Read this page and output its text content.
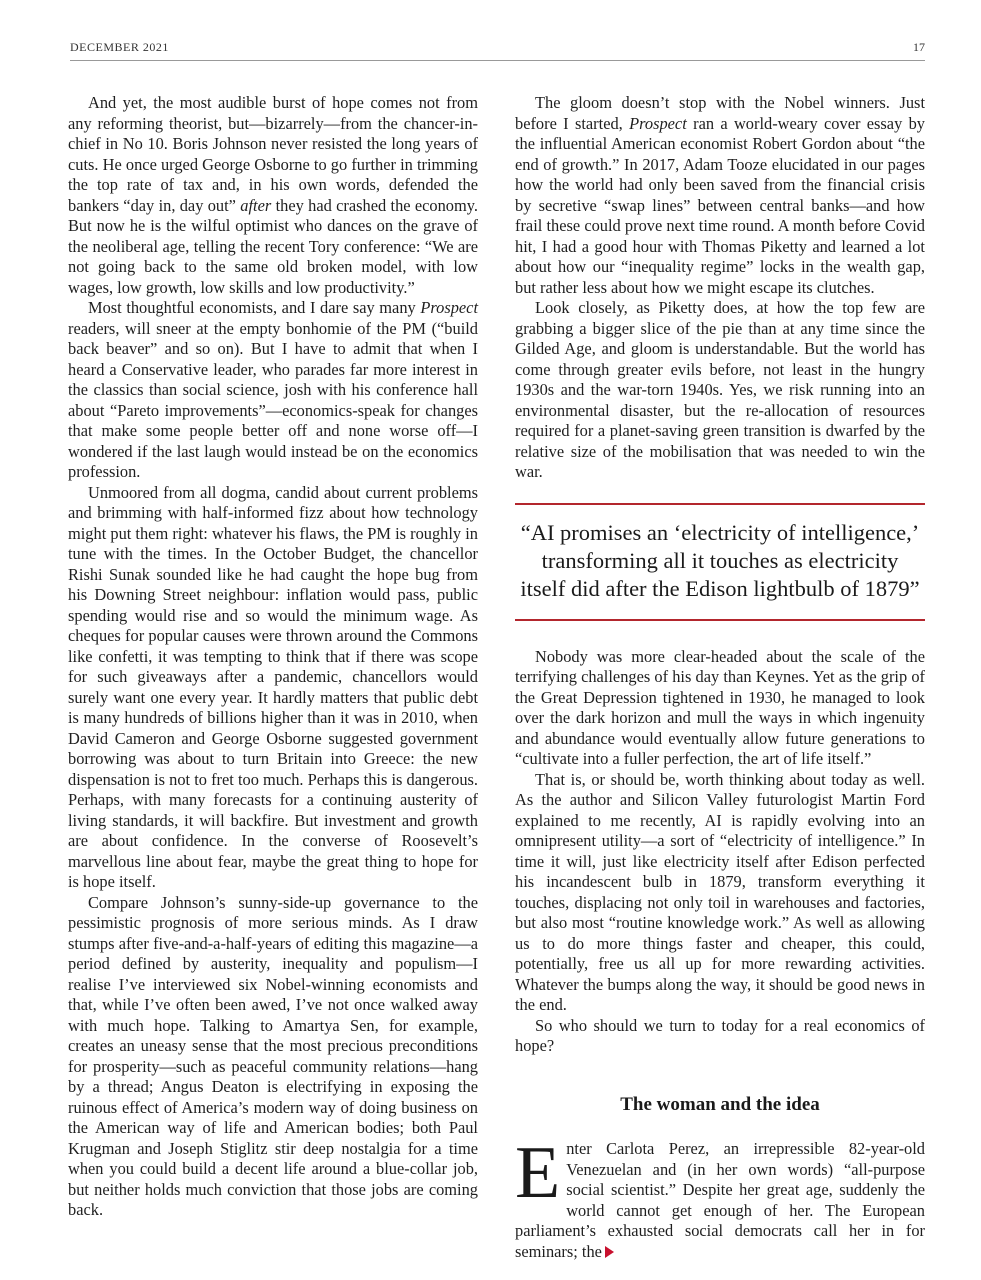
DECEMBER 2021	17

And yet, the most audible burst of hope comes not from any reforming theorist, but—bizarrely—from the chancer-in-chief in No 10. Boris Johnson never resisted the long years of cuts. He once urged George Osborne to go further in trimming the top rate of tax and, in his own words, defended the bankers “day in, day out” after they had crashed the economy. But now he is the wilful optimist who dances on the grave of the neoliberal age, telling the recent Tory conference: “We are not going back to the same old broken model, with low wages, low growth, low skills and low productivity.”

Most thoughtful economists, and I dare say many Prospect readers, will sneer at the empty bonhomie of the PM (“build back beaver” and so on). But I have to admit that when I heard a Conservative leader, who parades far more interest in the classics than social science, josh with his conference hall about “Pareto improvements”—economics-speak for changes that make some people better off and none worse off—I wondered if the last laugh would instead be on the economics profession.

Unmoored from all dogma, candid about current problems and brimming with half-informed fizz about how technology might put them right: whatever his flaws, the PM is roughly in tune with the times. In the October Budget, the chancellor Rishi Sunak sounded like he had caught the hope bug from his Downing Street neighbour: inflation would pass, public spending would rise and so would the minimum wage. As cheques for popular causes were thrown around the Commons like confetti, it was tempting to think that if there was scope for such giveaways after a pandemic, chancellors would surely want one every year. It hardly matters that public debt is many hundreds of billions higher than it was in 2010, when David Cameron and George Osborne suggested government borrowing was about to turn Britain into Greece: the new dispensation is not to fret too much. Perhaps this is dangerous. Perhaps, with many forecasts for a continuing austerity of living standards, it will backfire. But investment and growth are about confidence. In the converse of Roosevelt’s marvellous line about fear, maybe the great thing to hope for is hope itself.

Compare Johnson’s sunny-side-up governance to the pessimistic prognosis of more serious minds. As I draw stumps after five-and-a-half-years of editing this magazine—a period defined by austerity, inequality and populism—I realise I’ve interviewed six Nobel-winning economists and that, while I’ve often been awed, I’ve not once walked away with much hope. Talking to Amartya Sen, for example, creates an uneasy sense that the most precious preconditions for prosperity—such as peaceful community relations—hang by a thread; Angus Deaton is electrifying in exposing the ruinous effect of America’s modern way of doing business on the American way of life and American bodies; both Paul Krugman and Joseph Stiglitz stir deep nostalgia for a time when you could build a decent life around a blue-collar job, but neither holds much conviction that those jobs are coming back.

The gloom doesn’t stop with the Nobel winners. Just before I started, Prospect ran a world-weary cover essay by the influential American economist Robert Gordon about “the end of growth.” In 2017, Adam Tooze elucidated in our pages how the world had only been saved from the financial crisis by secretive “swap lines” between central banks—and how frail these could prove next time round. A month before Covid hit, I had a good hour with Thomas Piketty and learned a lot about how our “inequality regime” locks in the wealth gap, but rather less about how we might escape its clutches.

Look closely, as Piketty does, at how the top few are grabbing a bigger slice of the pie than at any time since the Gilded Age, and gloom is understandable. But the world has come through greater evils before, not least in the hungry 1930s and the war-torn 1940s. Yes, we risk running into an environmental disaster, but the re-allocation of resources required for a planet-saving green transition is dwarfed by the relative size of the mobilisation that was needed to win the war.

“AI promises an ‘electricity of intelligence,’ transforming all it touches as electricity itself did after the Edison lightbulb of 1879”

Nobody was more clear-headed about the scale of the terrifying challenges of his day than Keynes. Yet as the grip of the Great Depression tightened in 1930, he managed to look over the dark horizon and mull the ways in which ingenuity and abundance would eventually allow future generations to “cultivate into a fuller perfection, the art of life itself.”

That is, or should be, worth thinking about today as well. As the author and Silicon Valley futurologist Martin Ford explained to me recently, AI is rapidly evolving into an omnipresent utility—a sort of “electricity of intelligence.” In time it will, just like electricity itself after Edison perfected his incandescent bulb in 1879, transform everything it touches, displacing not only toil in warehouses and factories, but also most “routine knowledge work.” As well as allowing us to do more things faster and cheaper, this could, potentially, free us all up for more rewarding activities. Whatever the bumps along the way, it should be good news in the end.

So who should we turn to today for a real economics of hope?

The woman and the idea

Enter Carlota Perez, an irrepressible 82-year-old Venezuelan and (in her own words) “all-purpose social scientist.” Despite her great age, suddenly the world cannot get enough of her. The European parliament’s exhausted social democrats call her in for seminars; the
